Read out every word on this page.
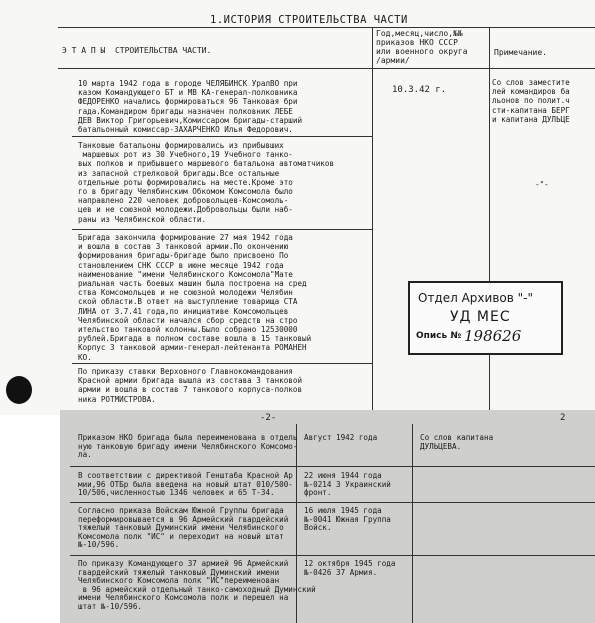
1.ИСТОРИЯ СТРОИТЕЛЬСТВА ЧАСТИ
Э Т А П Ы  СТРОИТЕЛЬСТВА ЧАСТИ.
Год,месяц,число,№№
приказов НКО СССР
или военного округа
/армии/
Примечание.
10 марта 1942 года в городе ЧЕЛЯБИНСК УралВО при
казом Командующего БТ и МВ КА-генерал-полковника
ФЕДОРЕНКО начались формироваться 96 Танковая бри
гада.Командиром бригады назначен полковник ЛЕБЕ
ДЕВ Виктор Григорьевич,Комиссаром бригады-старший
батальонный комиссар-ЗАХАРЧЕНКО Илья Федорович.
10.3.42 г.
Со слов заместите
лей командиров ба
льонов по полит.ч
сти-капитана БЕРГ
и капитана ДУЛЬЦЕ
Танковые батальоны формировались из прибывших
маршевых рот из 30 Учебного,19 Учебного танко-
вых полков и прибывшего маршевого батальона автоматчиков
из запасной стрелковой бригады.Все остальные
отдельные роты формировались на месте.Кроме это
го в бригаду Челябинским Обкомом Комсомола было
направлено 220 человек добровольцев-Комсомоль-
цев и не союзной молодежи.Добровольцы были наб-
раны из Челябинской области.
-"-
Бригада закончила формирование 27 мая 1942 года
и вошла в состав 3 танковой армии.По окончению
формирования бригады-бригаде было присвоено По
становлением СНК СССР в июне месяце 1942 года
наименование "имени Челябинского Комсомола"Мате
риальная часть боевых машин была построена на сред
ства Комсомольцев и не союзной молодежи Челябин
ской области.В ответ на выступление товарища СТА
ЛИНА от 3.7.41 года,по инициативе Комсомольцев
Челябинской области начался сбор средств на стро
ительство танковой колонны.Было собрано 12530000
рублей.Бригада в полном составе вошла в 15 танковый
Корпус 3 танковой армии-генерал-лейтенанта РОМАНЕН
КО.
По приказу ставки Верховного Главнокомандования
Красной армии бригада вышла из состава 3 танковой
армии и вошла в состав 7 танкового корпуса-полков
ника РОТМИСТРОВА.
Отдел Архивов "-"
УД МЕС
Опись № 198626
-2-	2
Приказом НКО бригада была переименована в отдель
ную танковую бригаду имени Челябинского Комсомо-
ла.
Август 1942 года	Со слов капитана
ДУЛЬЦЕВА.
В соответствии с директивой Генштаба Красной Ар
мии,96 ОТБр была введена на новый штат 010/500-
10/506,численностью 1346 человек и 65 Т-34.
22 июня 1944 года
№-0214 3 Украинский
фронт.
Согласно приказа Войскам Южной Группы бригада
переформировывается в 96 Армейский гвардейский
тяжелый танковый Думинский имени Челябинского
Комсомола полк "ИС" и переходит на новый штат
№-10/596.
16 июля 1945 года
№-0041 Южная Группа
Войск.
По приказу Командующего 37 армией 96 Армейский
гвардейский тяжелый танковый Думинский имени
Челябинского Комсомола полк "ИС"переименован
в 96 армейский отдельный танко-самоходный Думинский
имени Челябинского Комсомола полк и перешел на
штат №-10/596.
12 октября 1945 года
№-0426 37 Армия.
